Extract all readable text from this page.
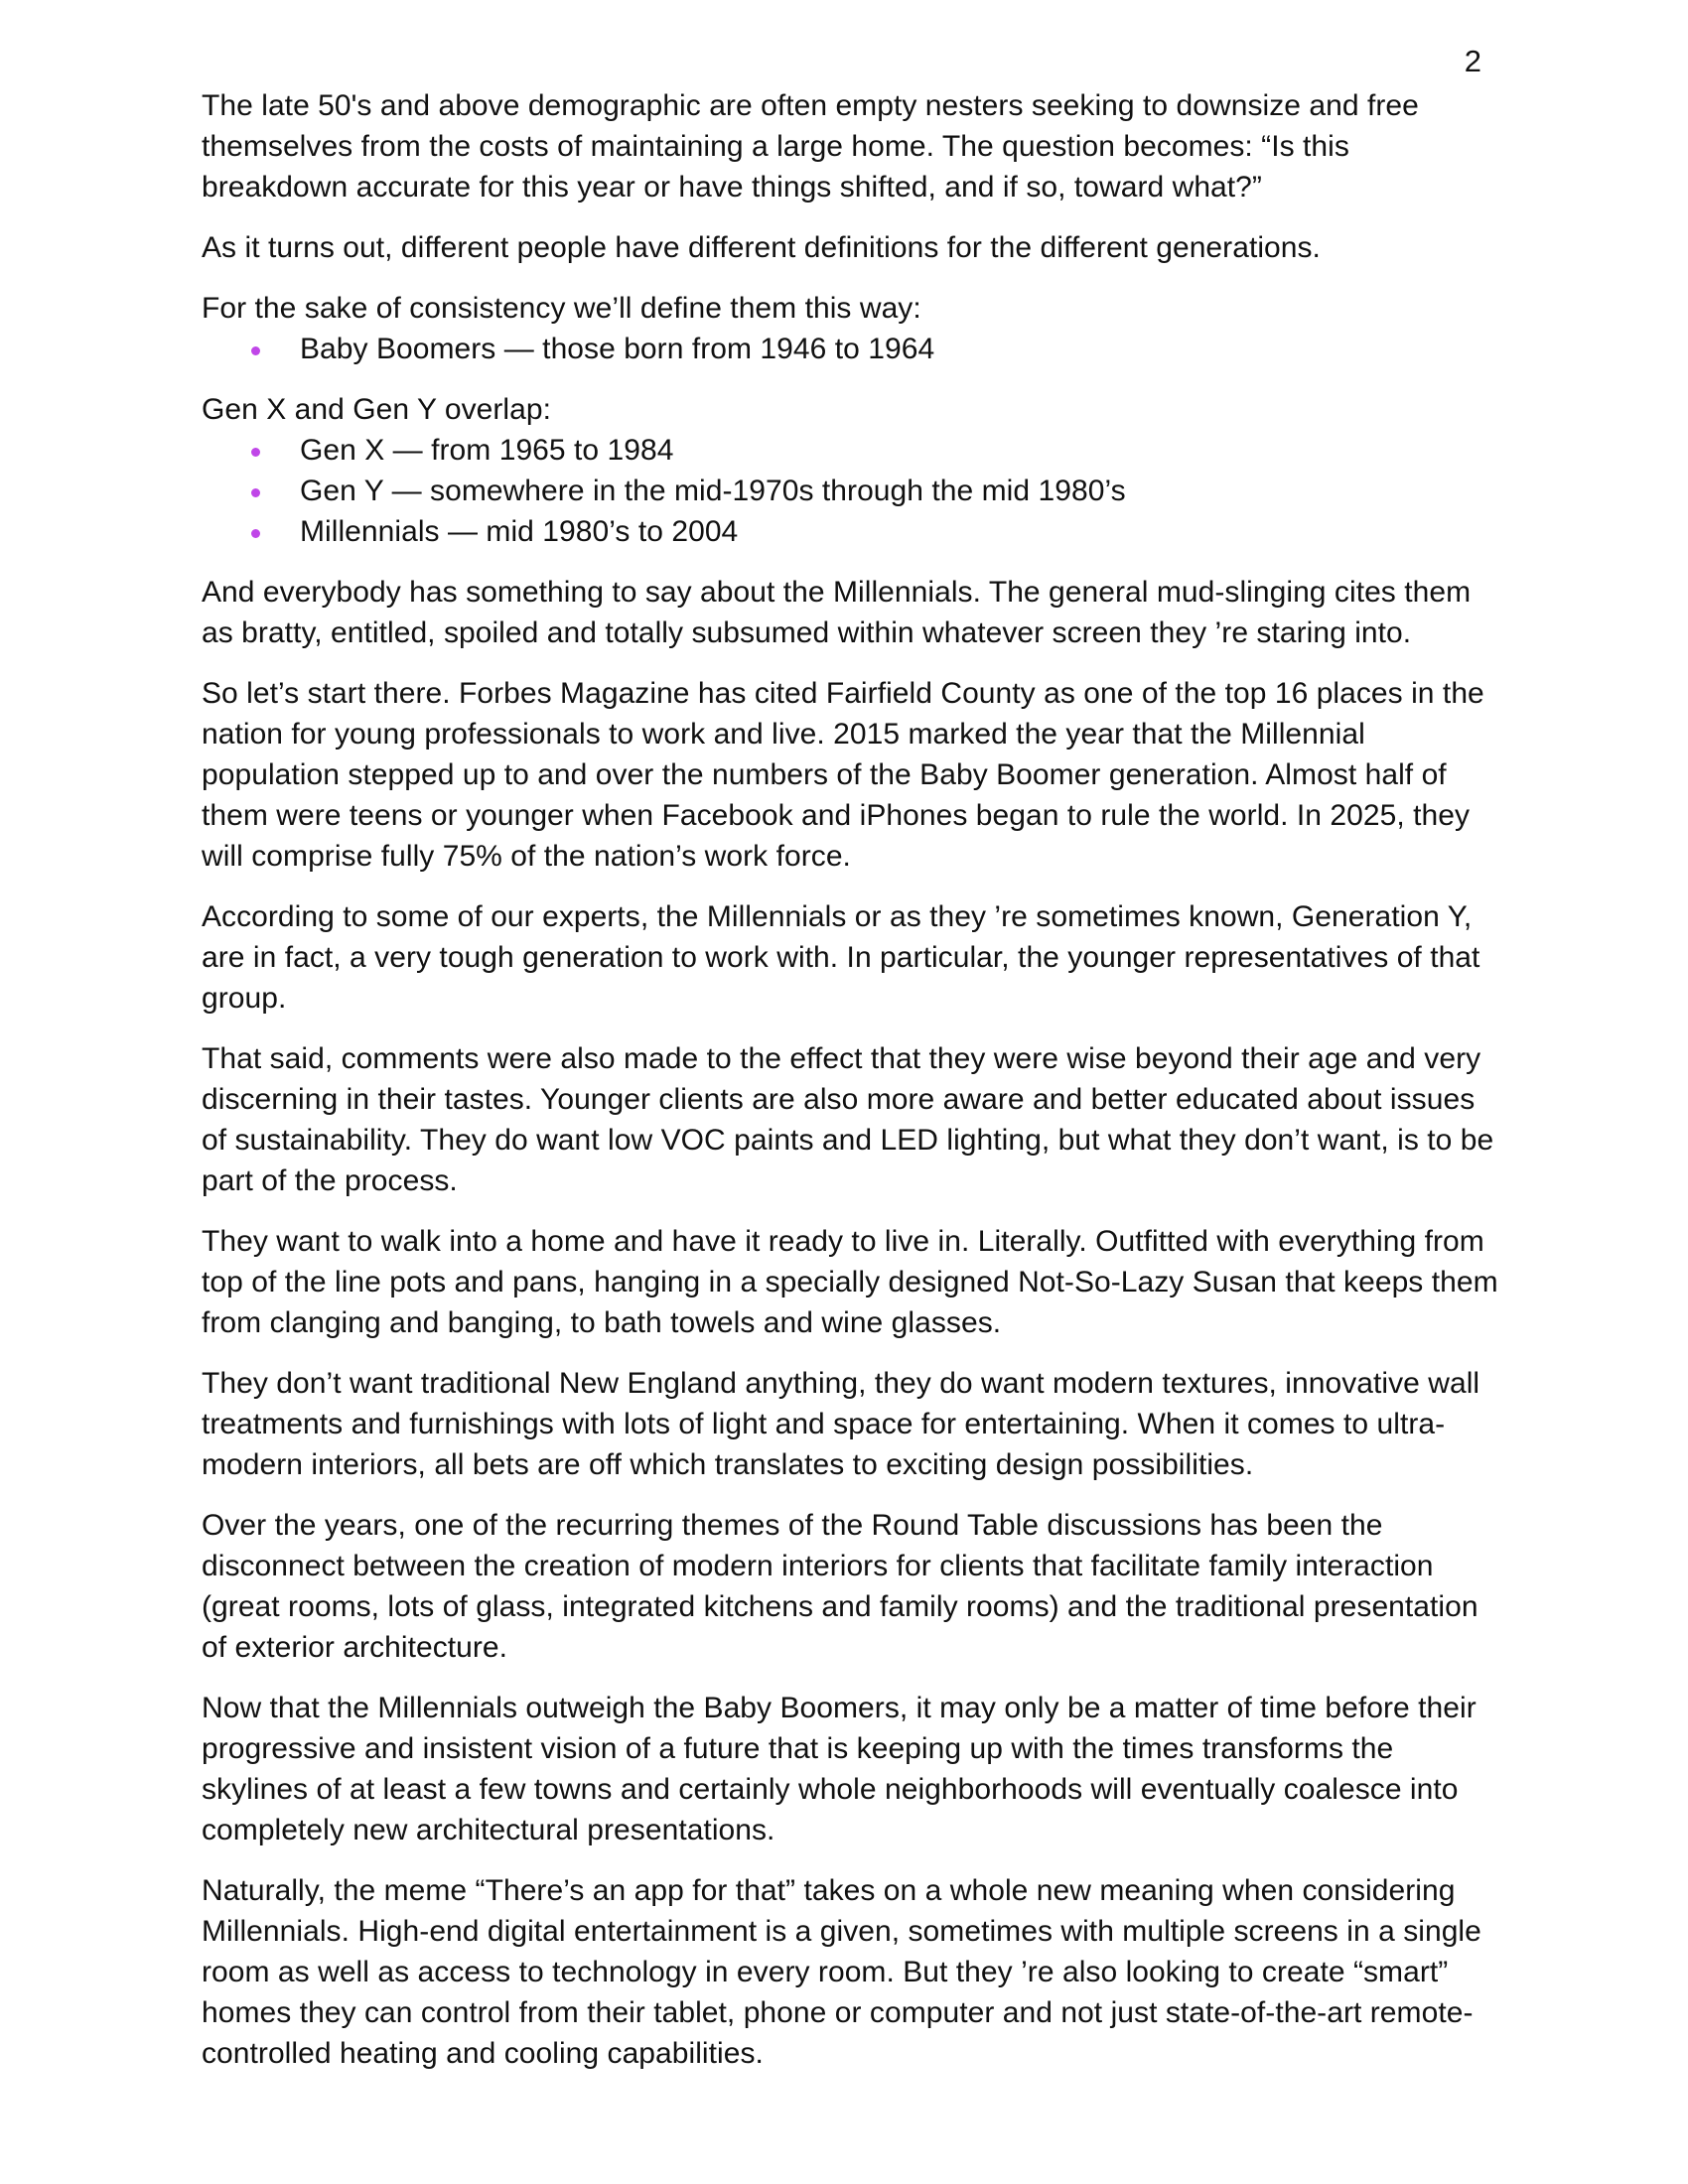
2

The late 50's and above demographic are often empty nesters seeking to downsize and free themselves from the costs of maintaining a large home. The question becomes: “Is this breakdown accurate for this year or have things shifted, and if so, toward what?”

As it turns out, different people have different definitions for the different generations.

For the sake of consistency we’ll define them this way:

Baby Boomers — those born from 1946 to 1964

Gen X and Gen Y overlap:

Gen X — from 1965 to 1984
Gen Y — somewhere in the mid-1970s through the mid 1980’s
Millennials — mid 1980’s to 2004

And everybody has something to say about the Millennials. The general mud-slinging cites them as bratty, entitled, spoiled and totally subsumed within whatever screen they ’re staring into.

So let’s start there. Forbes Magazine has cited Fairfield County as one of the top 16 places in the nation for young professionals to work and live. 2015 marked the year that the Millennial population stepped up to and over the numbers of the Baby Boomer generation. Almost half of them were teens or younger when Facebook and iPhones began to rule the world. In 2025, they will comprise fully 75% of the nation’s work force.

According to some of our experts, the Millennials or as they ’re sometimes known, Generation Y, are in fact, a very tough generation to work with. In particular, the younger representatives of that group.

That said, comments were also made to the effect that they were wise beyond their age and very discerning in their tastes. Younger clients are also more aware and better educated about issues of sustainability. They do want low VOC paints and LED lighting, but what they don’t want, is to be part of the process.

They want to walk into a home and have it ready to live in. Literally. Outfitted with everything from top of the line pots and pans, hanging in a specially designed Not-So-Lazy Susan that keeps them from clanging and banging, to bath towels and wine glasses.

They don’t want traditional New England anything, they do want modern textures, innovative wall treatments and furnishings with lots of light and space for entertaining. When it comes to ultra-modern interiors, all bets are off which translates to exciting design possibilities.

Over the years, one of the recurring themes of the Round Table discussions has been the disconnect between the creation of modern interiors for clients that facilitate family interaction (great rooms, lots of glass, integrated kitchens and family rooms) and the traditional presentation of exterior architecture.

Now that the Millennials outweigh the Baby Boomers, it may only be a matter of time before their progressive and insistent vision of a future that is keeping up with the times transforms the skylines of at least a few towns and certainly whole neighborhoods will eventually coalesce into completely new architectural presentations.

Naturally, the meme “There’s an app for that” takes on a whole new meaning when considering Millennials. High-end digital entertainment is a given, sometimes with multiple screens in a single room as well as access to technology in every room. But they ’re also looking to create “smart” homes they can control from their tablet, phone or computer and not just state-of-the-art remote-controlled heating and cooling capabilities.
